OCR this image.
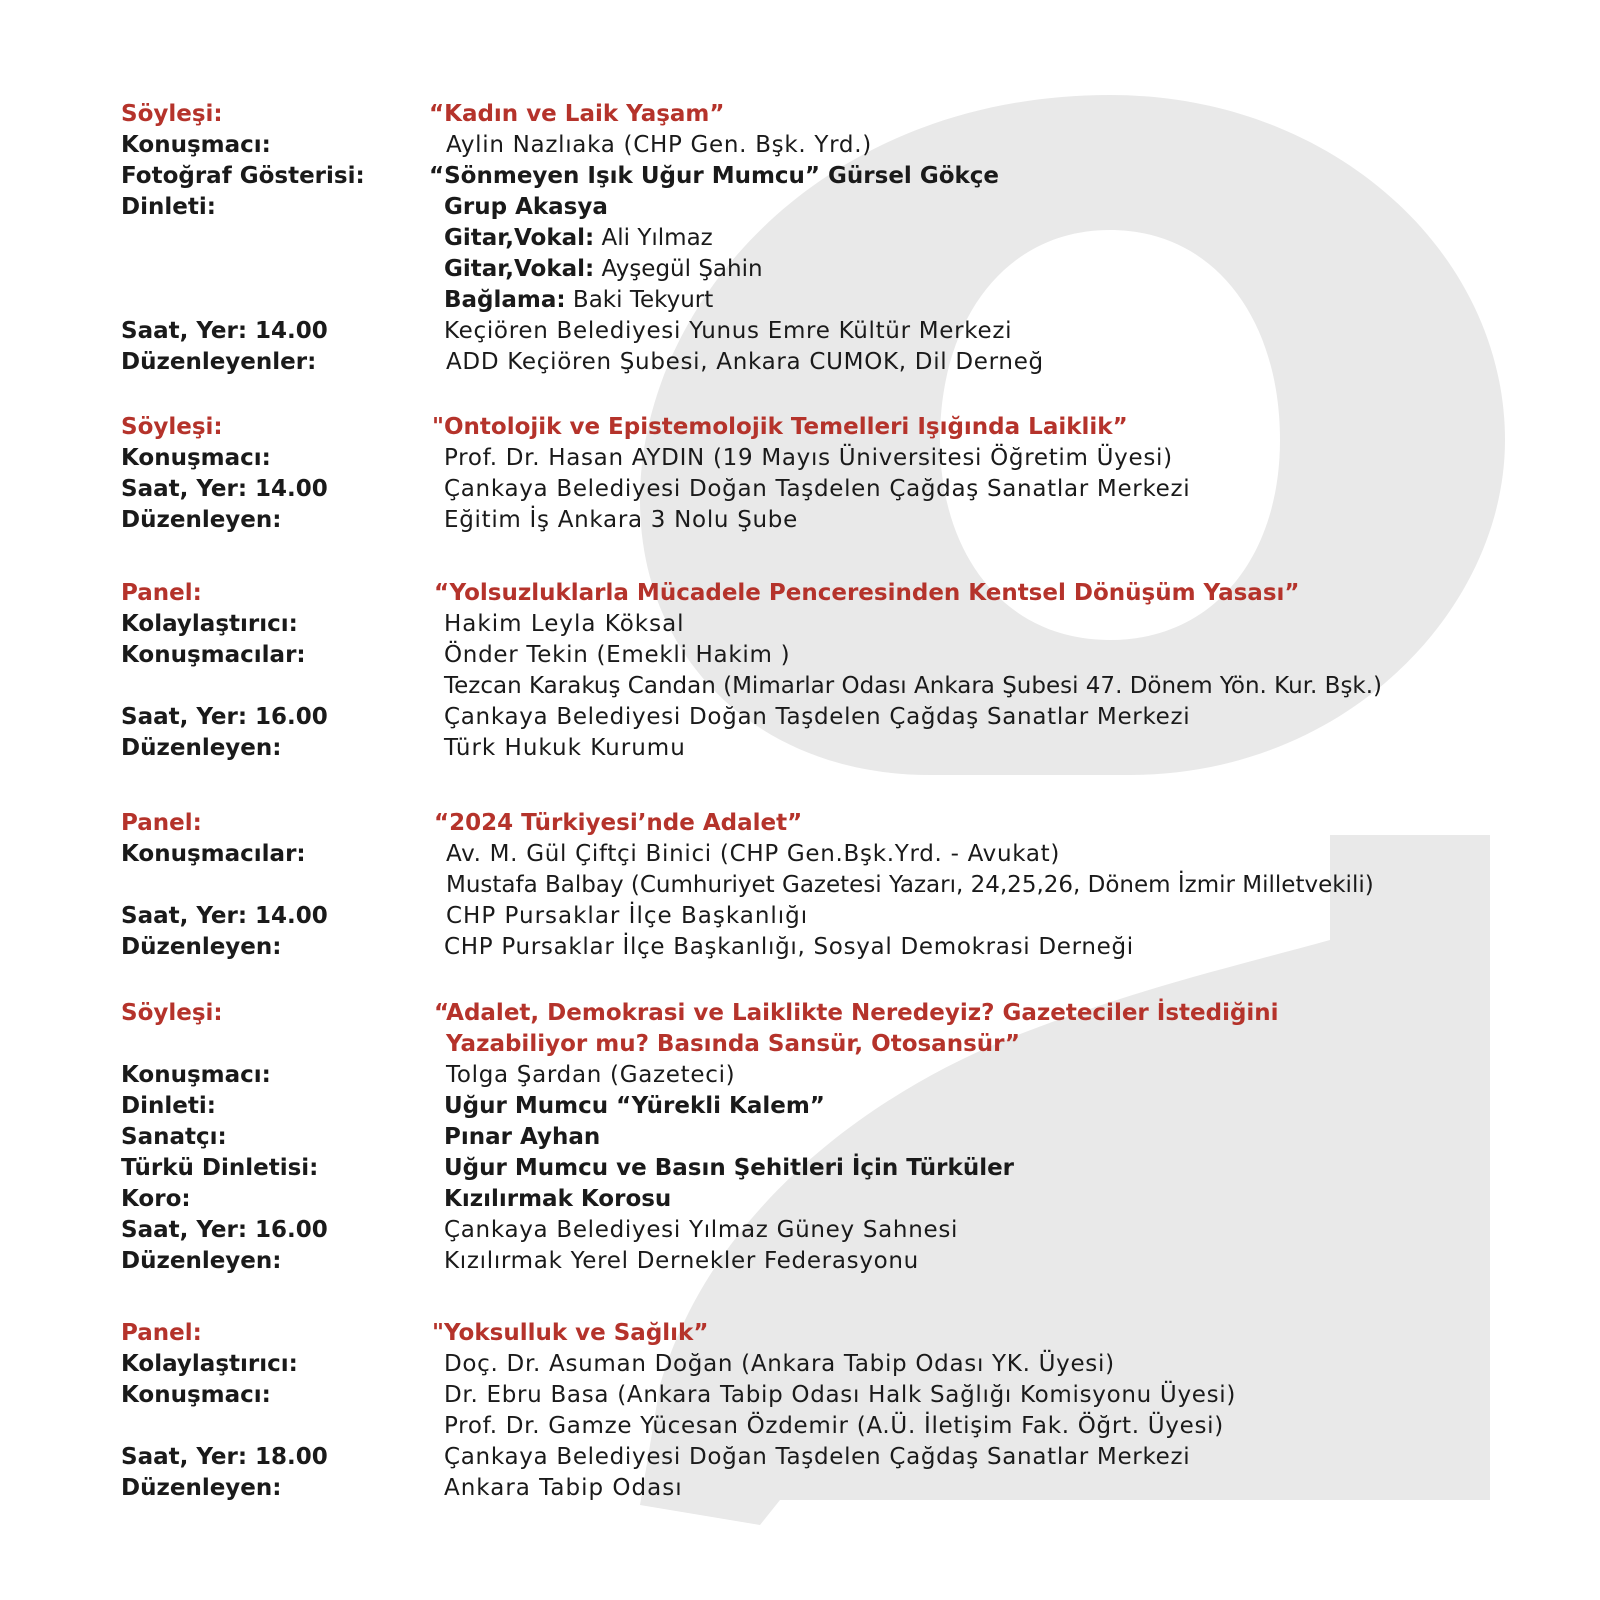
Söyleşi:	“Kadın ve Laik Yaşam”
Konuşmacı:	Aylin Nazlıaka (CHP Gen. Bşk. Yrd.)
Fotoğraf Gösterisi:	“Sönmeyen Işık Uğur Mumcu” Gürsel Gökçe
Dinleti:	Grup Akasya
Gitar,Vokal: Ali Yılmaz
Gitar,Vokal: Ayşegül Şahin
Bağlama: Baki Tekyurt
Saat, Yer: 14.00	Keçiören Belediyesi Yunus Emre Kültür Merkezi
Düzenleyenler:	ADD Keçiören Şubesi, Ankara CUMOK, Dil Derneğ
Söyleşi:	"Ontolojik ve Epistemolojik Temelleri Işığında Laiklik”
Konuşmacı:	Prof. Dr. Hasan AYDIN (19 Mayıs Üniversitesi Öğretim Üyesi)
Saat, Yer: 14.00	Çankaya Belediyesi Doğan Taşdelen Çağdaş Sanatlar Merkezi
Düzenleyen:	Eğitim İş Ankara 3 Nolu Şube
Panel:	“Yolsuzluklarla Mücadele Penceresinden Kentsel Dönüşüm Yasası”
Kolaylaştırıcı:	Hakim Leyla Köksal
Konuşmacılar:	Önder Tekin (Emekli Hakim )
Tezcan Karakuş Candan (Mimarlar Odası Ankara Şubesi 47. Dönem Yön. Kur. Bşk.)
Saat, Yer: 16.00	Çankaya Belediyesi Doğan Taşdelen Çağdaş Sanatlar Merkezi
Düzenleyen:	Türk Hukuk Kurumu
Panel:	“2024 Türkiyesi’nde Adalet”
Konuşmacılar:	Av. M. Gül Çiftçi Binici (CHP Gen.Bşk.Yrd. - Avukat)
Mustafa Balbay (Cumhuriyet Gazetesi Yazarı, 24,25,26, Dönem İzmir Milletvekili)
Saat, Yer: 14.00	CHP Pursaklar İlçe Başkanlığı
Düzenleyen:	CHP Pursaklar İlçe Başkanlığı, Sosyal Demokrasi Derneği
Söyleşi:	“Adalet, Demokrasi ve Laiklikte Neredeyiz? Gazeteciler İstediğini
Yazabiliyor mu? Basında Sansür, Otosansür”
Konuşmacı:	Tolga Şardan (Gazeteci)
Dinleti:	Uğur Mumcu “Yürekli Kalem”
Sanatçı:	Pınar Ayhan
Türkü Dinletisi:	Uğur Mumcu ve Basın Şehitleri İçin Türküler
Koro:	Kızılırmak Korosu
Saat, Yer: 16.00	Çankaya Belediyesi Yılmaz Güney Sahnesi
Düzenleyen:	Kızılırmak Yerel Dernekler Federasyonu
Panel:	"Yoksulluk ve Sağlık”
Kolaylaştırıcı:	Doç. Dr. Asuman Doğan (Ankara Tabip Odası YK. Üyesi)
Konuşmacı:	Dr. Ebru Basa (Ankara Tabip Odası Halk Sağlığı Komisyonu Üyesi)
Prof. Dr. Gamze Yücesan Özdemir (A.Ü. İletişim Fak. Öğrt. Üyesi)
Saat, Yer: 18.00	Çankaya Belediyesi Doğan Taşdelen Çağdaş Sanatlar Merkezi
Düzenleyen:	Ankara Tabip Odası
